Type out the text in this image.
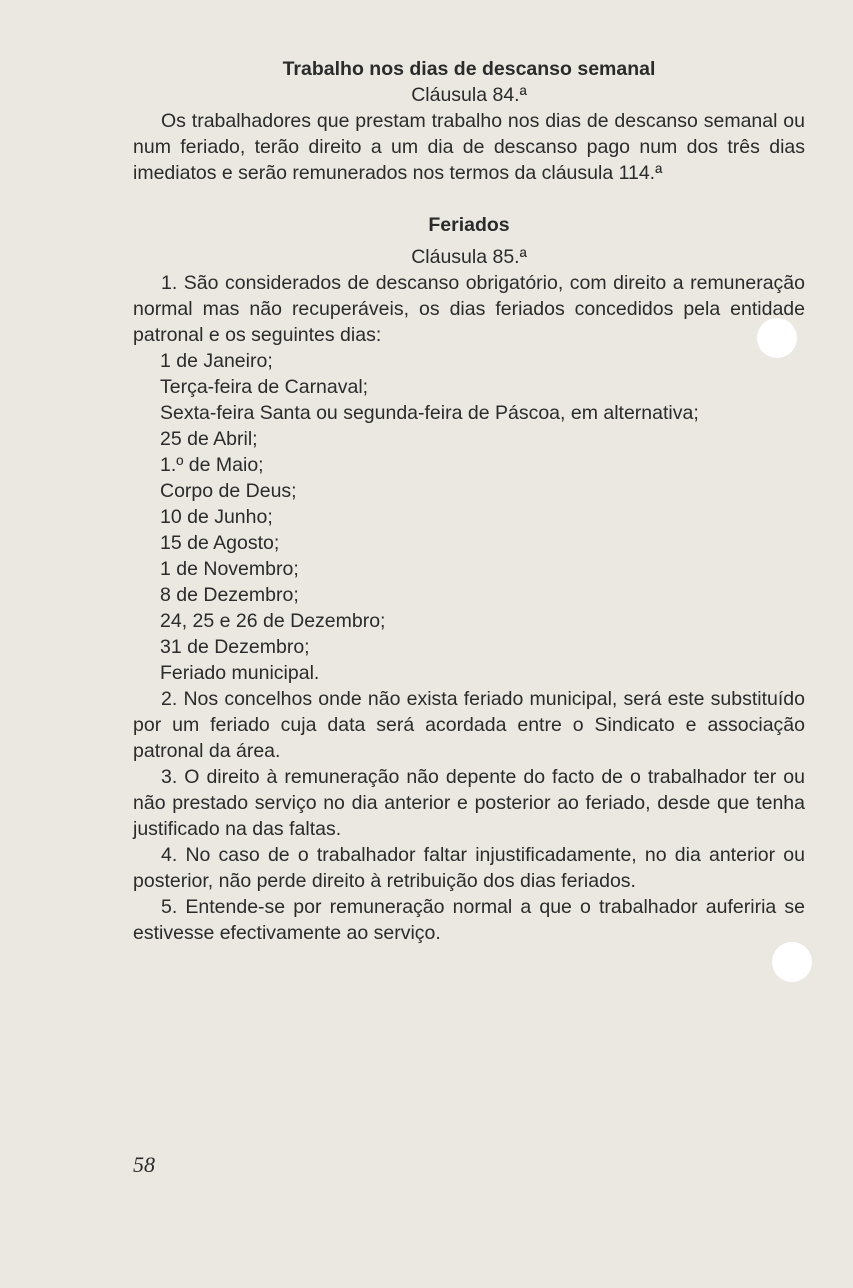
Trabalho nos dias de descanso semanal
Cláusula 84.ª

Os trabalhadores que prestam trabalho nos dias de descanso semanal ou num feriado, terão direito a um dia de descanso pago num dos três dias imediatos e serão remunerados nos termos da cláusula 114.ª

Feriados
Cláusula 85.ª

1. São considerados de descanso obrigatório, com direito a remuneração normal mas não recuperáveis, os dias feriados concedidos pela entidade patronal e os seguintes dias:

1 de Janeiro;
Terça-feira de Carnaval;
Sexta-feira Santa ou segunda-feira de Páscoa, em alternativa;
25 de Abril;
1.º de Maio;
Corpo de Deus;
10 de Junho;
15 de Agosto;
1 de Novembro;
8 de Dezembro;
24, 25 e 26 de Dezembro;
31 de Dezembro;
Feriado municipal.

2. Nos concelhos onde não exista feriado municipal, será este substituído por um feriado cuja data será acordada entre o Sindicato e associação patronal da área.

3. O direito à remuneração não depente do facto de o trabalhador ter ou não prestado serviço no dia anterior e posterior ao feriado, desde que tenha justificado na das faltas.

4. No caso de o trabalhador faltar injustificadamente, no dia anterior ou posterior, não perde direito à retribuição dos dias feriados.

5. Entende-se por remuneração normal a que o trabalhador auferiria se estivesse efectivamente ao serviço.

58
